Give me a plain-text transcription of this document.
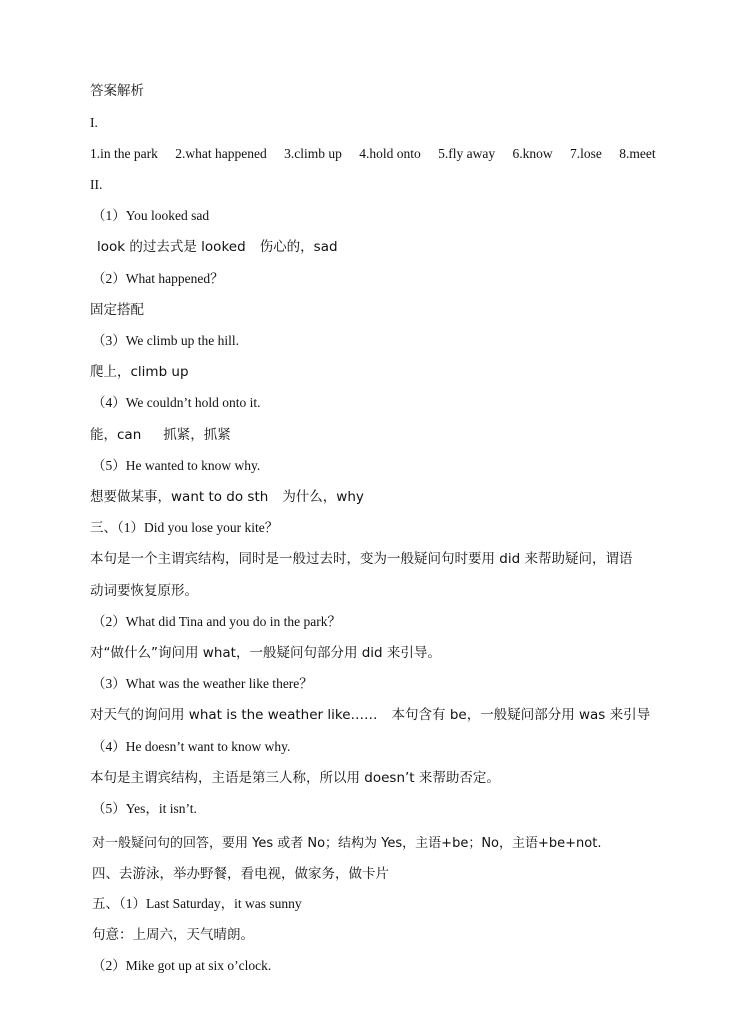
答案解析
I.
1.in the park 2.what happened 3.climb up 4.hold onto 5.fly away 6.know 7.lose 8.meet
II.
（1）You looked sad
look 的过去式是 looked 伤心的，sad
（2）What happened？
固定搭配
（3）We climb up the hill.
爬上，climb up
（4）We couldn’t hold onto it.
能，can 抓紧，抓紧
（5）He wanted to know why.
想要做某事，want to do sth 为什么，why
三、（1）Did you lose your kite？
本句是一个主谓宾结构，同时是一般过去时，变为一般疑问句时要用 did 来帮助疑问，谓语
动词要恢复原形。
（2）What did Tina and you do in the park？
对“做什么”询问用 what，一般疑问句部分用 did 来引导。
（3）What was the weather like there？
对天气的询问用 what is the weather like…… 本句含有 be，一般疑问部分用 was 来引导
（4）He doesn’t want to know why.
本句是主谓宾结构，主语是第三人称，所以用 doesn’t 来帮助否定。
（5）Yes，it isn’t.
对一般疑问句的回答，要用 Yes 或者 No；结构为 Yes，主语+be；No，主语+be+not.
四、去游泳，举办野餐，看电视，做家务，做卡片
五、（1）Last Saturday，it was sunny
句意：上周六，天气晴朗。
（2）Mike got up at six o’clock.
